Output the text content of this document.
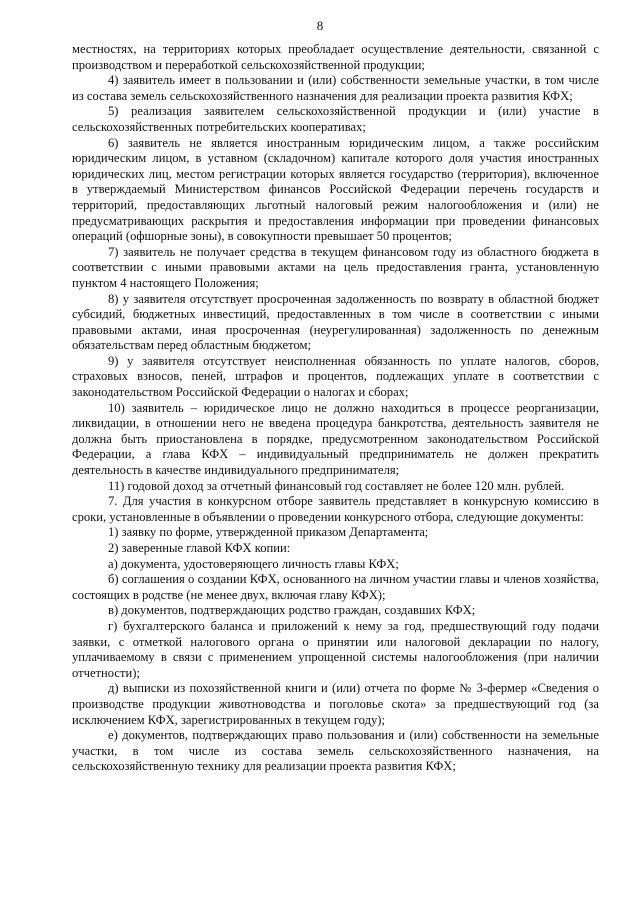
8

местностях, на территориях которых преобладает осуществление деятельности, связанной с производством и переработкой сельскохозяйственной продукции;

4) заявитель имеет в пользовании и (или) собственности земельные участки, в том числе из состава земель сельскохозяйственного назначения для реализации проекта развития КФХ;

5) реализация заявителем сельскохозяйственной продукции и (или) участие в сельскохозяйственных потребительских кооперативах;

6) заявитель не является иностранным юридическим лицом, а также российским юридическим лицом, в уставном (складочном) капитале которого доля участия иностранных юридических лиц, местом регистрации которых является государство (территория), включенное в утверждаемый Министерством финансов Российской Федерации перечень государств и территорий, предоставляющих льготный налоговый режим налогообложения и (или) не предусматривающих раскрытия и предоставления информации при проведении финансовых операций (офшорные зоны), в совокупности превышает 50 процентов;

7) заявитель не получает средства в текущем финансовом году из областного бюджета в соответствии с иными правовыми актами на цель предоставления гранта, установленную пунктом 4 настоящего Положения;

8) у заявителя отсутствует просроченная задолженность по возврату в областной бюджет субсидий, бюджетных инвестиций, предоставленных в том числе в соответствии с иными правовыми актами, иная просроченная (неурегулированная) задолженность по денежным обязательствам перед областным бюджетом;

9) у заявителя отсутствует неисполненная обязанность по уплате налогов, сборов, страховых взносов, пеней, штрафов и процентов, подлежащих уплате в соответствии с законодательством Российской Федерации о налогах и сборах;

10) заявитель – юридическое лицо не должно находиться в процессе реорганизации, ликвидации, в отношении него не введена процедура банкротства, деятельность заявителя не должна быть приостановлена в порядке, предусмотренном законодательством Российской Федерации, а глава КФХ – индивидуальный предприниматель не должен прекратить деятельность в качестве индивидуального предпринимателя;

11) годовой доход за отчетный финансовый год составляет не более 120 млн. рублей.

7. Для участия в конкурсном отборе заявитель представляет в конкурсную комиссию в сроки, установленные в объявлении о проведении конкурсного отбора, следующие документы:

1) заявку по форме, утвержденной приказом Департамента;

2) заверенные главой КФХ копии:

а) документа, удостоверяющего личность главы КФХ;

б) соглашения о создании КФХ, основанного на личном участии главы и членов хозяйства, состоящих в родстве (не менее двух, включая главу КФХ);

в) документов, подтверждающих родство граждан, создавших КФХ;

г) бухгалтерского баланса и приложений к нему за год, предшествующий году подачи заявки, с отметкой налогового органа о принятии или налоговой декларации по налогу, уплачиваемому в связи с применением упрощенной системы налогообложения (при наличии отчетности);

д) выписки из похозяйственной книги и (или) отчета по форме № 3-фермер «Сведения о производстве продукции животноводства и поголовье скота» за предшествующий год (за исключением КФХ, зарегистрированных в текущем году);

е) документов, подтверждающих право пользования и (или) собственности на земельные участки, в том числе из состава земель сельскохозяйственного назначения, на сельскохозяйственную технику для реализации проекта развития КФХ;
